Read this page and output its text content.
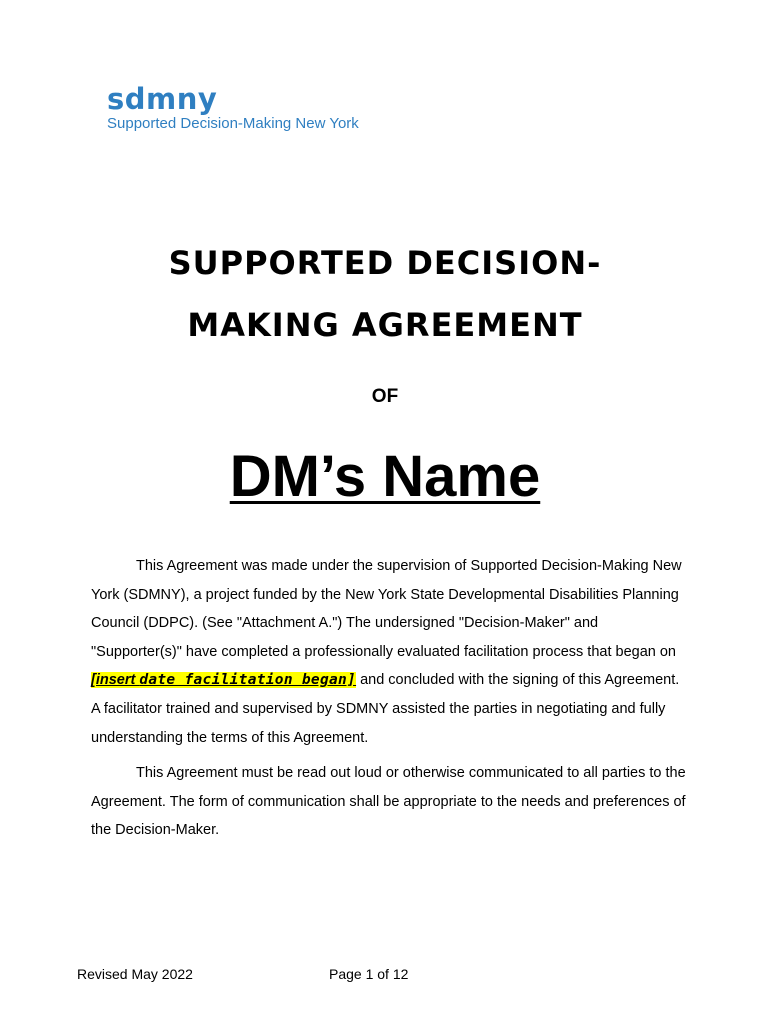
sdmny
Supported Decision-Making New York
SUPPORTED DECISION-
MAKING AGREEMENT
OF
DM’s Name
This Agreement was made under the supervision of Supported Decision-Making New York (SDMNY), a project funded by the New York State Developmental Disabilities Planning Council (DDPC). (See "Attachment A.") The undersigned "Decision-Maker" and "Supporter(s)" have completed a professionally evaluated facilitation process that began on [insert date facilitation began] and concluded with the signing of this Agreement. A facilitator trained and supervised by SDMNY assisted the parties in negotiating and fully understanding the terms of this Agreement.
This Agreement must be read out loud or otherwise communicated to all parties to the Agreement. The form of communication shall be appropriate to the needs and preferences of the Decision-Maker.
Revised May 2022	Page 1 of 12
